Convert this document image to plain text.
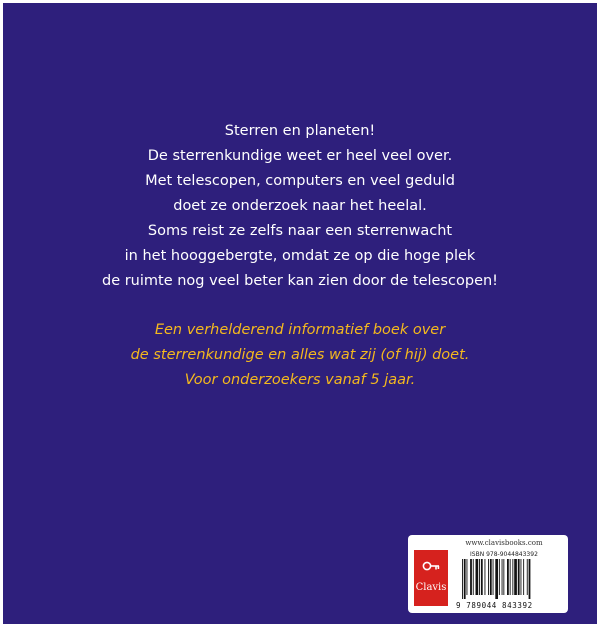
Sterren en planeten!
De sterrenkundige weet er heel veel over.
Met telescopen, computers en veel geduld
doet ze onderzoek naar het heelal.
Soms reist ze zelfs naar een sterrenwacht
in het hooggebergte, omdat ze op die hoge plek
de ruimte nog veel beter kan zien door de telescopen!
Een verhelderend informatief boek over
de sterrenkundige en alles wat zij (of hij) doet.
Voor onderzoekers vanaf 5 jaar.
www.clavisbooks.com
Clavis
ISBN 978-9044843392
9 789044 843392
